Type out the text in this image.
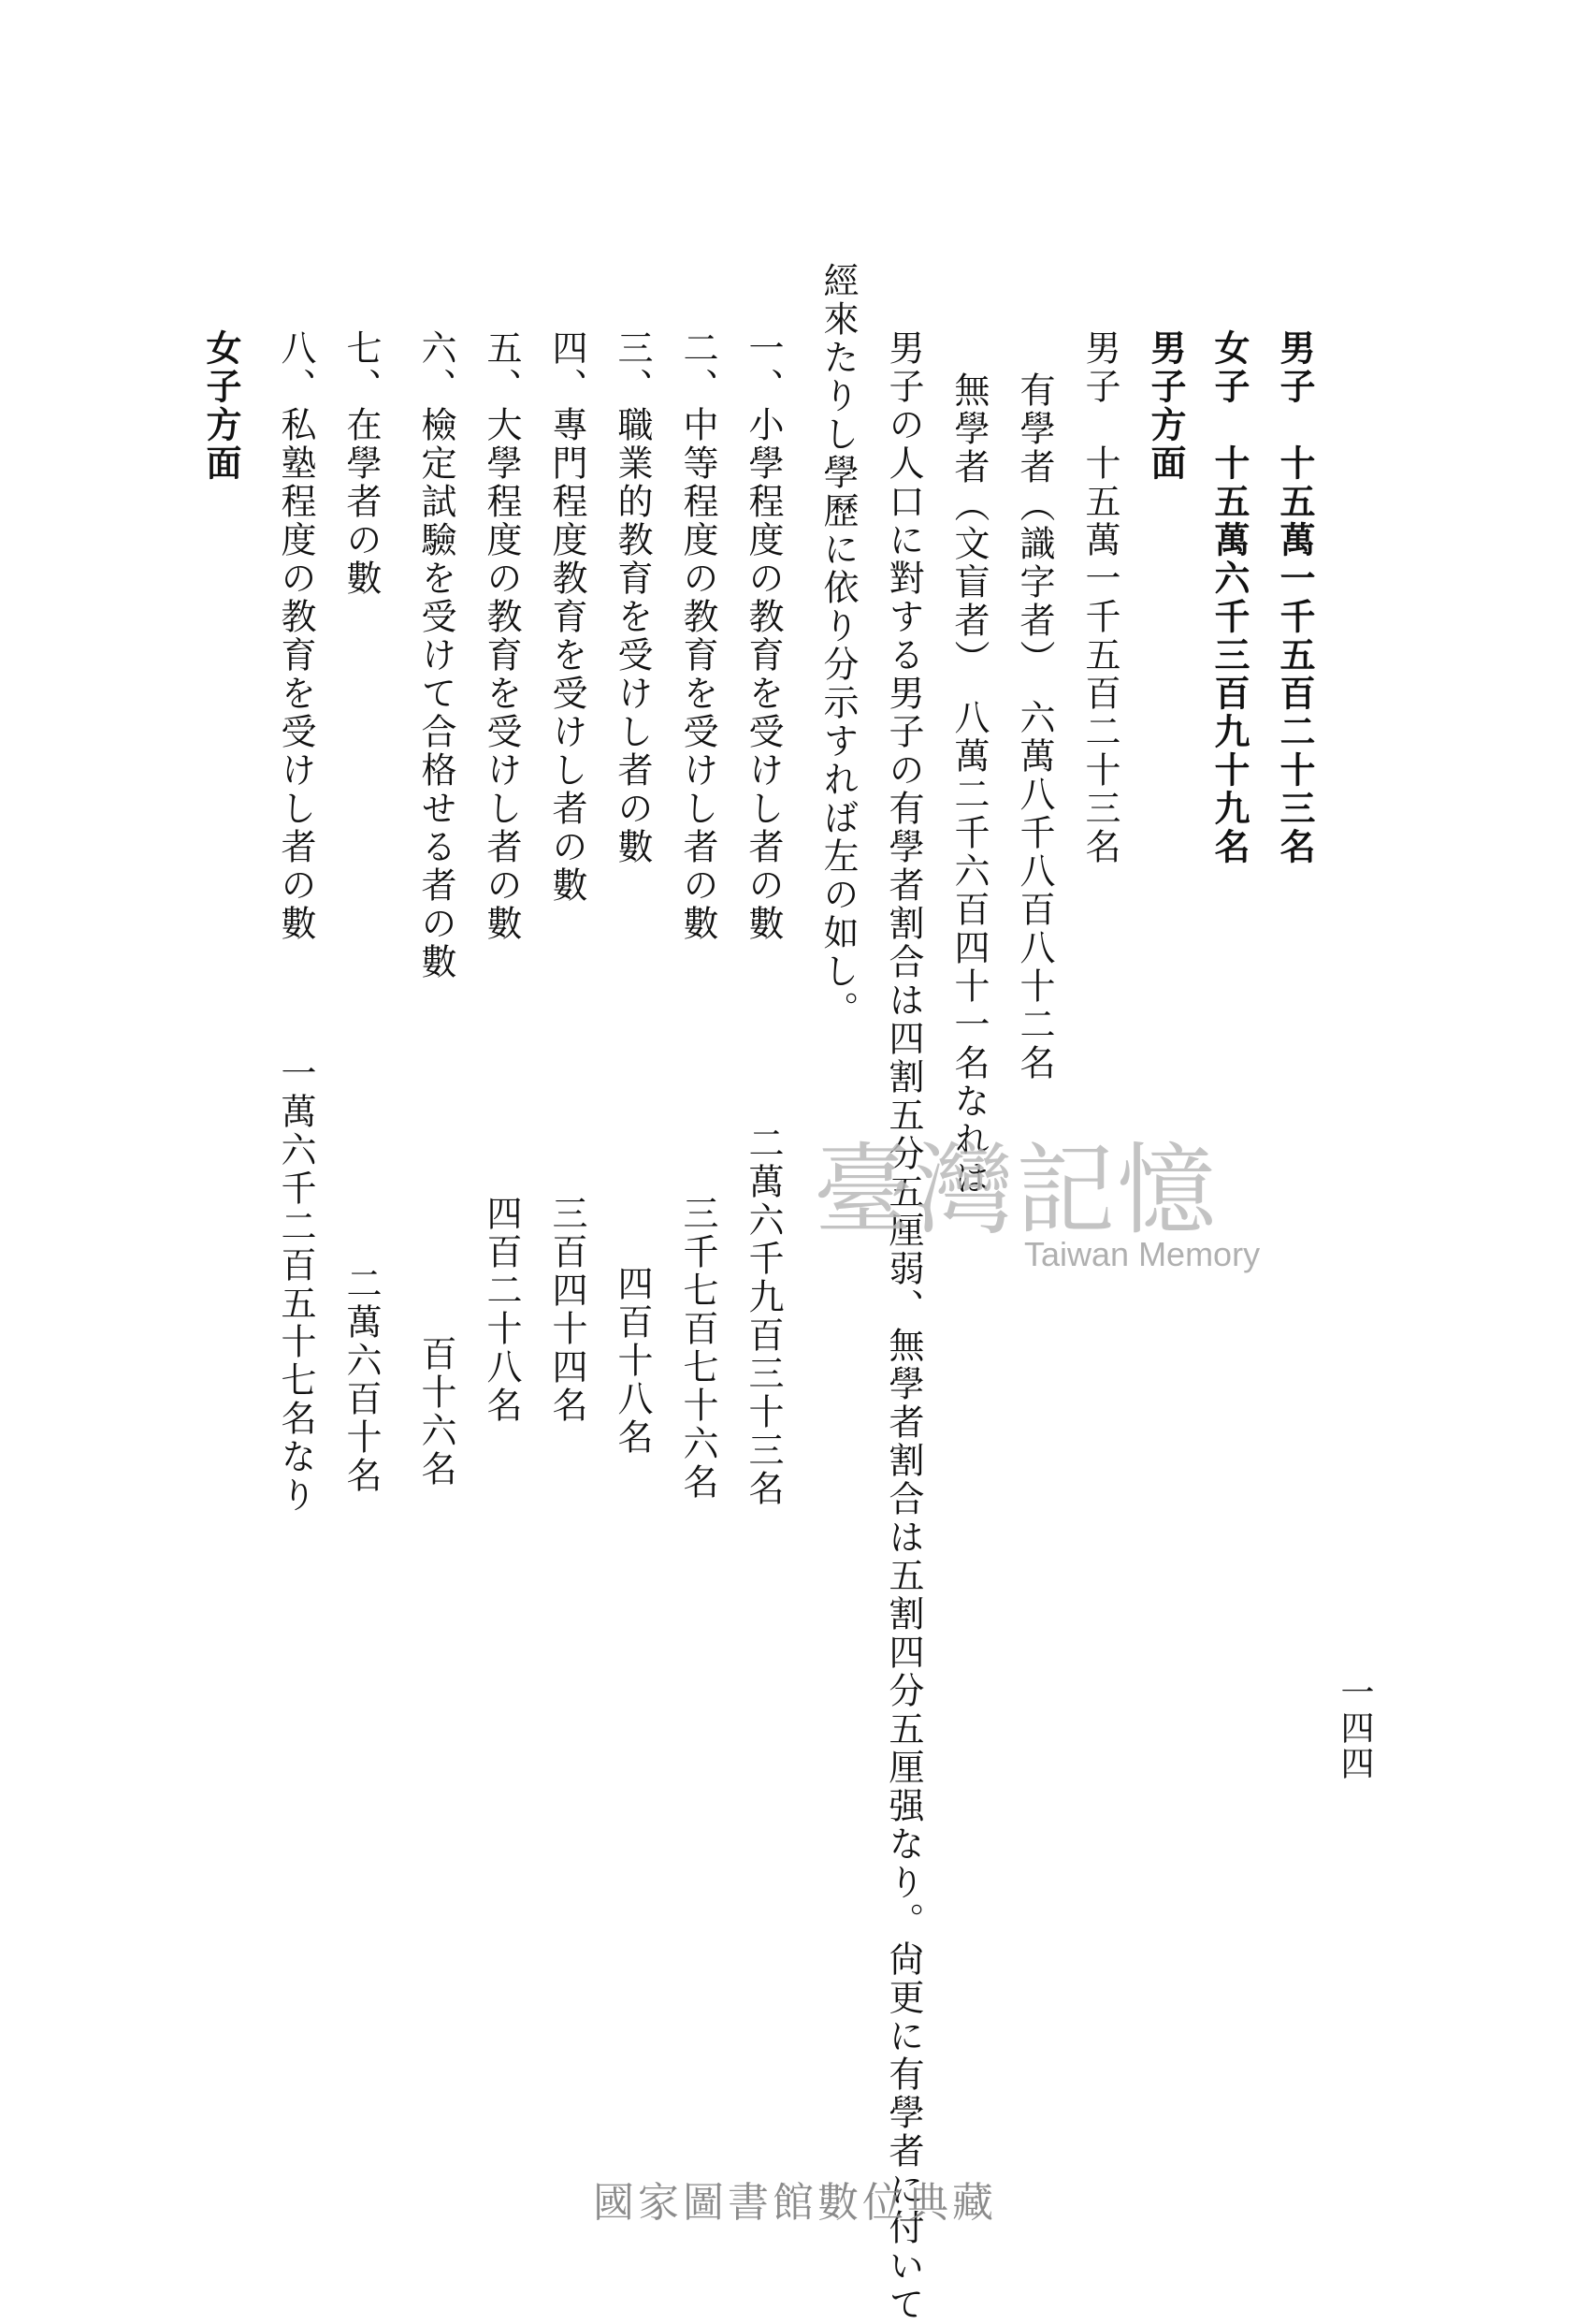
一四四
男子　十五萬一千五百二十三名
女子　十五萬六千三百九十九名
男子方面
男子　十五萬一千五百二十三名
有學者（識字者）　六萬八千八百八十二名
無學者（文盲者）　八萬二千六百四十一名なれは
男子の人口に對する男子の有學者割合は四割五分五厘弱、無學者割合は五割四分五厘强なり。尙更に有學者に付いて
經來たりし學歷に依り分示すれば左の如し。
一、小學程度の教育を受けし者の數
二萬六千九百三十三名
二、中等程度の教育を受けし者の數
三千七百七十六名
三、職業的教育を受けし者の數
四百十八名
四、專門程度教育を受けし者の數
三百四十四名
五、大學程度の教育を受けし者の數
四百二十八名
六、檢定試驗を受けて合格せる者の數
百十六名
七、在學者の數
二萬六百十名
八、私塾程度の教育を受けし者の數
一萬六千二百五十七名なり
女子方面
臺灣記憶
Taiwan Memory
國家圖書館數位典藏
